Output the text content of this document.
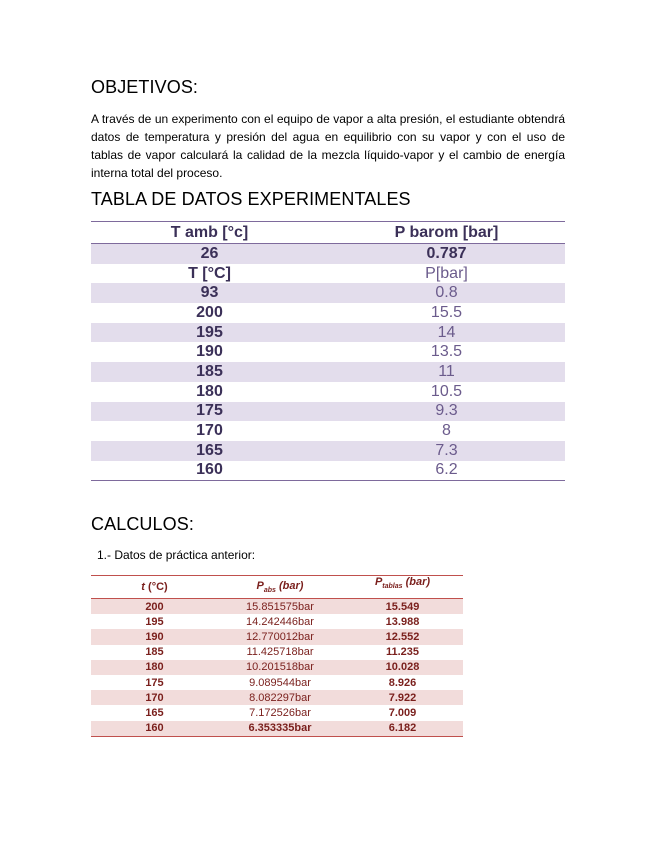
OBJETIVOS:
A través de un experimento con el equipo de vapor a alta presión, el estudiante obtendrá datos de temperatura y presión del agua en equilibrio con su vapor y con el uso de tablas de vapor calculará la calidad de la mezcla líquido-vapor y el cambio de energía interna total del proceso.
TABLA DE DATOS EXPERIMENTALES
T amb [°c]	P barom [bar]
26	0.787
T [°C]	P[bar]
93	0.8
200	15.5
195	14
190	13.5
185	11
180	10.5
175	9.3
170	8
165	7.3
160	6.2
CALCULOS:
1.- Datos de práctica anterior:
t (°C)	$P_{abs}$ (bar)	$P_{tablas}$ (bar)
200	15.851575bar	15.549
195	14.242446bar	13.988
190	12.770012bar	12.552
185	11.425718bar	11.235
180	10.201518bar	10.028
175	9.089544bar	8.926
170	8.082297bar	7.922
165	7.172526bar	7.009
160	6.353335bar	6.182
